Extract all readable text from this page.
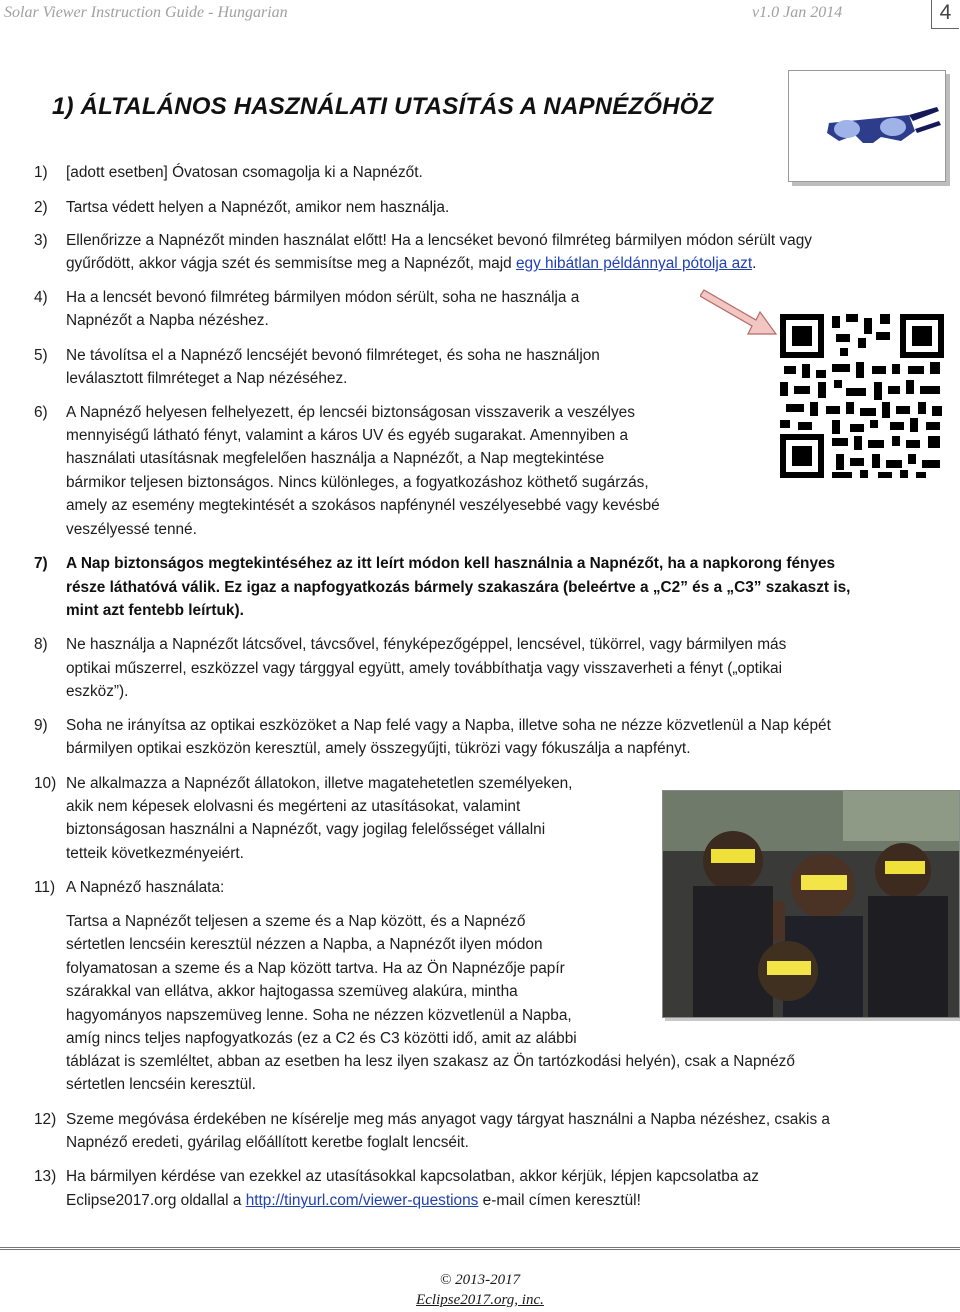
Solar Viewer Instruction Guide - Hungarian	v1.0 Jan 2014	4
1) ÁLTALÁNOS HASZNÁLATI UTASÍTÁS A NAPNÉZŐHÖZ
1) [adott esetben] Óvatosan csomagolja ki a Napnézőt.
2) Tartsa védett helyen a Napnézőt, amikor nem használja.
3) Ellenőrizze a Napnézőt minden használat előtt! Ha a lencséket bevonó filmréteg bármilyen módon sérült vagy
gyűrődött, akkor vágja szét és semmisítse meg a Napnézőt, majd egy hibátlan példánnyal pótolja azt.
4) Ha a lencsét bevonó filmréteg bármilyen módon sérült, soha ne használja a
Napnézőt a Napba nézéshez.
5) Ne távolítsa el a Napnéző lencséjét bevonó filmréteget, és soha ne használjon
leválasztott filmréteget a Nap nézéséhez.
6) A Napnéző helyesen felhelyezett, ép lencséi biztonságosan visszaverik a veszélyes
mennyiségű látható fényt, valamint a káros UV és egyéb sugarakat. Amennyiben a
használati utasításnak megfelelően használja a Napnézőt, a Nap megtekintése
bármikor teljesen biztonságos. Nincs különleges, a fogyatkozáshoz köthető sugárzás,
amely az esemény megtekintését a szokásos napfénynél veszélyesebbé vagy kevésbé
veszélyessé tenné.
7) A Nap biztonságos megtekintéséhez az itt leírt módon kell használnia a Napnézőt, ha a napkorong fényes
része láthatóvá válik. Ez igaz a napfogyatkozás bármely szakaszára (beleértve a „C2” és a „C3” szakaszt is,
mint azt fentebb leírtuk).
8) Ne használja a Napnézőt látcsővel, távcsővel, fényképezőgéppel, lencsével, tükörrel, vagy bármilyen más
optikai műszerrel, eszközzel vagy tárggyal együtt, amely továbbíthatja vagy visszaverheti a fényt („optikai
eszköz”).
9) Soha ne irányítsa az optikai eszközöket a Nap felé vagy a Napba, illetve soha ne nézze közvetlenül a Nap képét
bármilyen optikai eszközön keresztül, amely összegyűjti, tükrözi vagy fókuszálja a napfényt.
10) Ne alkalmazza a Napnézőt állatokon, illetve magatehetetlen személyeken,
akik nem képesek elolvasni és megérteni az utasításokat, valamint
biztonságosan használni a Napnézőt, vagy jogilag felelősséget vállalni
tetteik következményeiért.
11) A Napnéző használata:
Tartsa a Napnézőt teljesen a szeme és a Nap között, és a Napnéző
sértetlen lencséin keresztül nézzen a Napba, a Napnézőt ilyen módon
folyamatosan a szeme és a Nap között tartva. Ha az Ön Napnézője papír
szárakkal van ellátva, akkor hajtogassa szemüveg alakúra, mintha
hagyományos napszemüveg lenne. Soha ne nézzen közvetlenül a Napba,
amíg nincs teljes napfogyatkozás (ez a C2 és C3 közötti idő, amit az alábbi
táblázat is szemléltet, abban az esetben ha lesz ilyen szakasz az Ön tartózkodási helyén), csak a Napnéző
sértetlen lencséin keresztül.
12) Szeme megóvása érdekében ne kísérelje meg más anyagot vagy tárgyat használni a Napba nézéshez, csakis a
Napnéző eredeti, gyárilag előállított keretbe foglalt lencséit.
13) Ha bármilyen kérdése van ezekkel az utasításokkal kapcsolatban, akkor kérjük, lépjen kapcsolatba az
Eclipse2017.org oldallal a http://tinyurl.com/viewer-questions e-mail címen keresztül!
© 2013-2017
Eclipse2017.org, inc.
